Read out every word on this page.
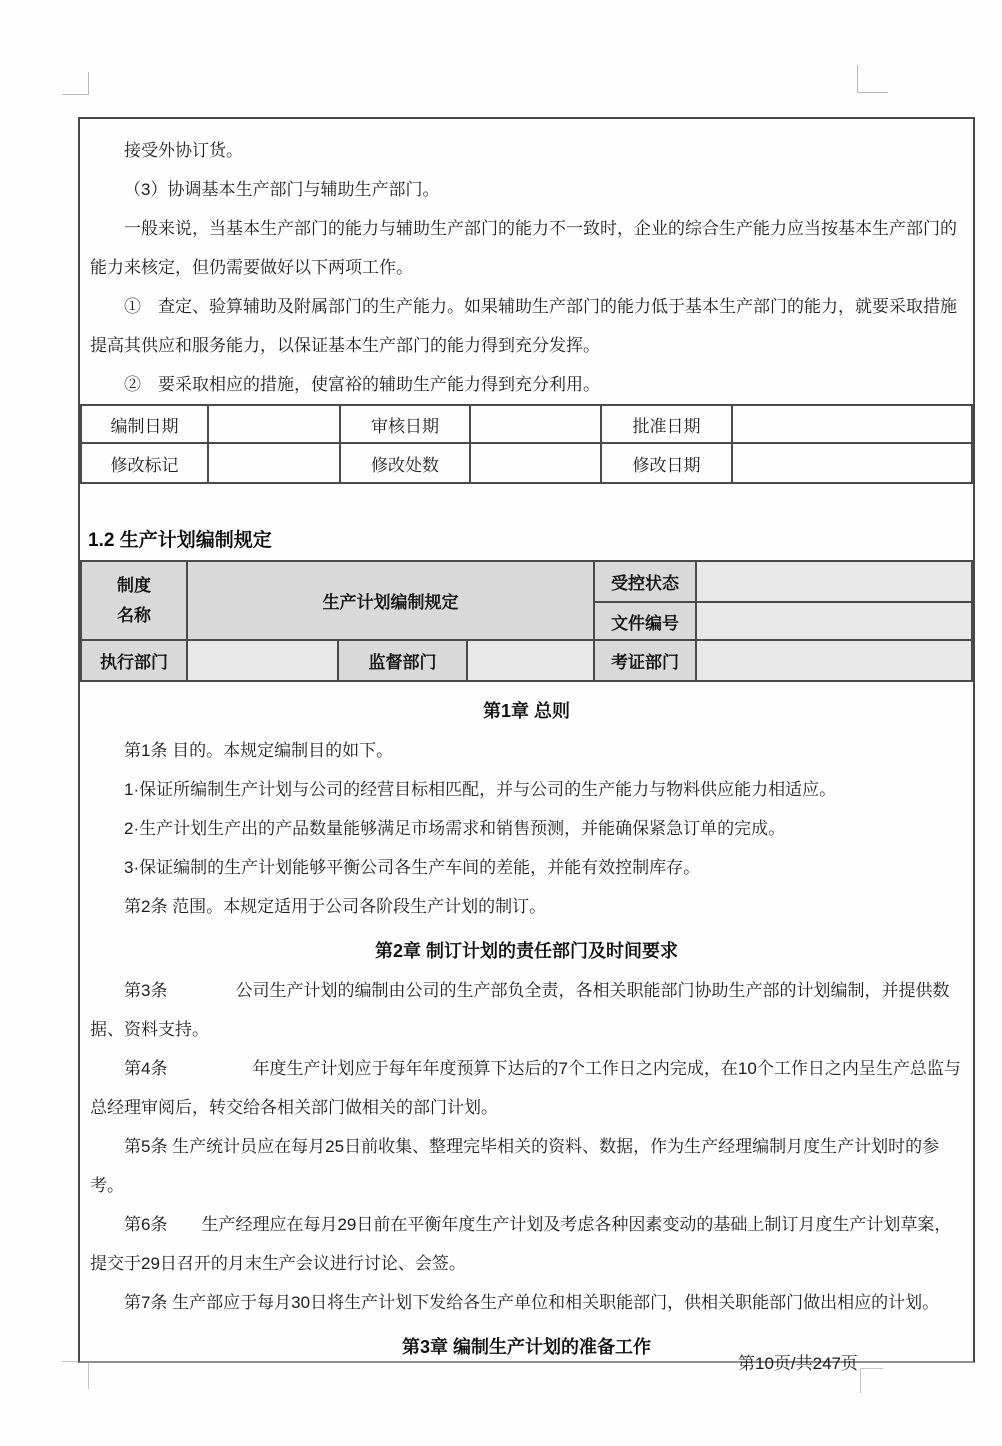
接受外协订货。

（3）协调基本生产部门与辅助生产部门。

一般来说，当基本生产部门的能力与辅助生产部门的能力不一致时，企业的综合生产能力应当按基本生产部门的能力来核定，但仍需要做好以下两项工作。

①　查定、验算辅助及附属部门的生产能力。如果辅助生产部门的能力低于基本生产部门的能力，就要采取措施提高其供应和服务能力，以保证基本生产部门的能力得到充分发挥。

②　要采取相应的措施，使富裕的辅助生产能力得到充分利用。

编制日期		审核日期		批准日期	
修改标记		修改处数		修改日期	
1.2 生产计划编制规定
制度
名称	生产计划编制规定			受控状态	
				文件编号	
执行部门		监督部门		考证部门	
第1章 总则

第1条 目的。本规定编制目的如下。

1·保证所编制生产计划与公司的经营目标相匹配，并与公司的生产能力与物料供应能力相适应。

2·生产计划生产出的产品数量能够满足市场需求和销售预测，并能确保紧急订单的完成。

3·保证编制的生产计划能够平衡公司各生产车间的差能，并能有效控制库存。

第2条 范围。本规定适用于公司各阶段生产计划的制订。

第2章 制订计划的责任部门及时间要求

第3条　　　　公司生产计划的编制由公司的生产部负全责，各相关职能部门协助生产部的计划编制，并提供数据、资料支持。

第4条　　　　　年度生产计划应于每年年度预算下达后的7个工作日之内完成，在10个工作日之内呈生产总监与总经理审阅后，转交给各相关部门做相关的部门计划。

第5条 生产统计员应在每月25日前收集、整理完毕相关的资料、数据，作为生产经理编制月度生产计划时的参考。

第6条　　生产经理应在每月29日前在平衡年度生产计划及考虑各种因素变动的基础上制订月度生产计划草案，提交于29日召开的月末生产会议进行讨论、会签。

第7条 生产部应于每月30日将生产计划下发给各生产单位和相关职能部门，供相关职能部门做出相应的计划。

第3章 编制生产计划的准备工作
第10页/共247页
